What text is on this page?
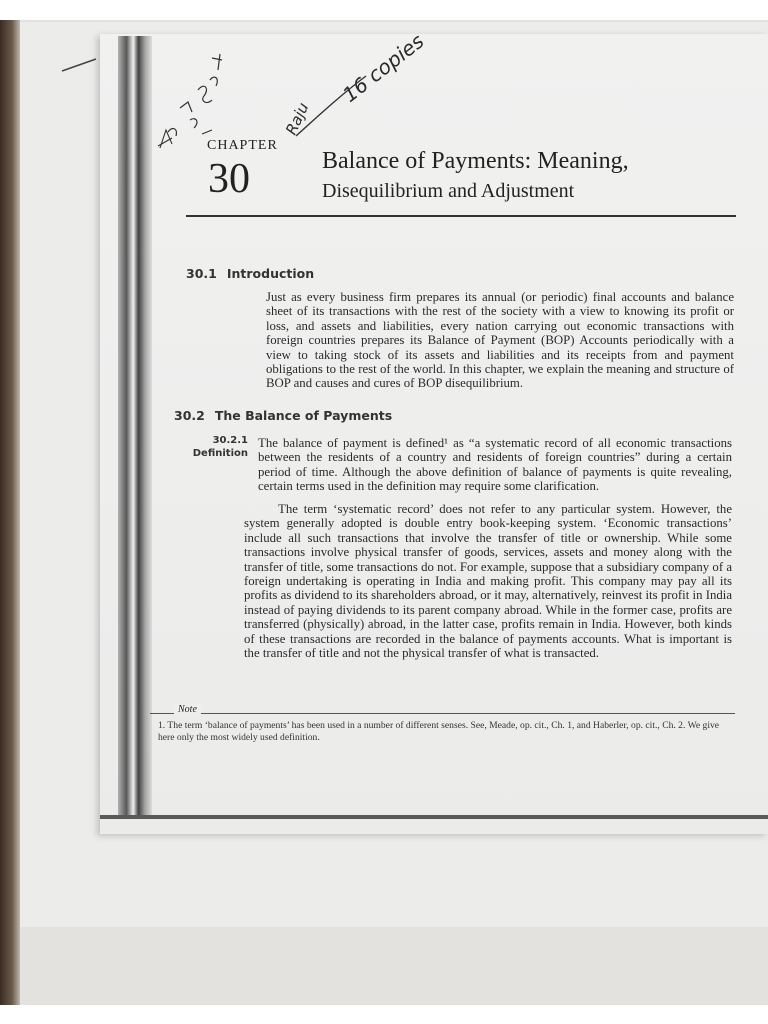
CHAPTER
30	Balance of Payments: Meaning,
Disequilibrium and Adjustment
16 copies
Raju
30.1 Introduction
Just as every business firm prepares its annual (or periodic) final accounts and balance sheet of its transactions with the rest of the society with a view to knowing its profit or loss, and assets and liabilities, every nation carrying out economic transactions with foreign countries prepares its Balance of Payment (BOP) Accounts periodically with a view to taking stock of its assets and liabilities and its receipts from and payment obligations to the rest of the world. In this chapter, we explain the meaning and structure of BOP and causes and cures of BOP disequilibrium.
30.2 The Balance of Payments
30.2.1
Definition
The balance of payment is defined¹ as “a systematic record of all economic transactions between the residents of a country and residents of foreign countries” during a certain period of time. Although the above definition of balance of payments is quite revealing, certain terms used in the definition may require some clarification.
The term ‘systematic record’ does not refer to any particular system. However, the system generally adopted is double entry book-keeping system. ‘Economic transactions’ include all such transactions that involve the transfer of title or ownership. While some transactions involve physical transfer of goods, services, assets and money along with the transfer of title, some transactions do not. For example, suppose that a subsidiary company of a foreign undertaking is operating in India and making profit. This company may pay all its profits as dividend to its shareholders abroad, or it may, alternatively, reinvest its profit in India instead of paying dividends to its parent company abroad. While in the former case, profits are transferred (physically) abroad, in the latter case, profits remain in India. However, both kinds of these transactions are recorded in the balance of payments accounts. What is important is the transfer of title and not the physical transfer of what is transacted.
Note
1. The term ‘balance of payments’ has been used in a number of different senses. See, Meade, op. cit., Ch. 1, and Haberler, op. cit., Ch. 2. We give here only the most widely used definition.
